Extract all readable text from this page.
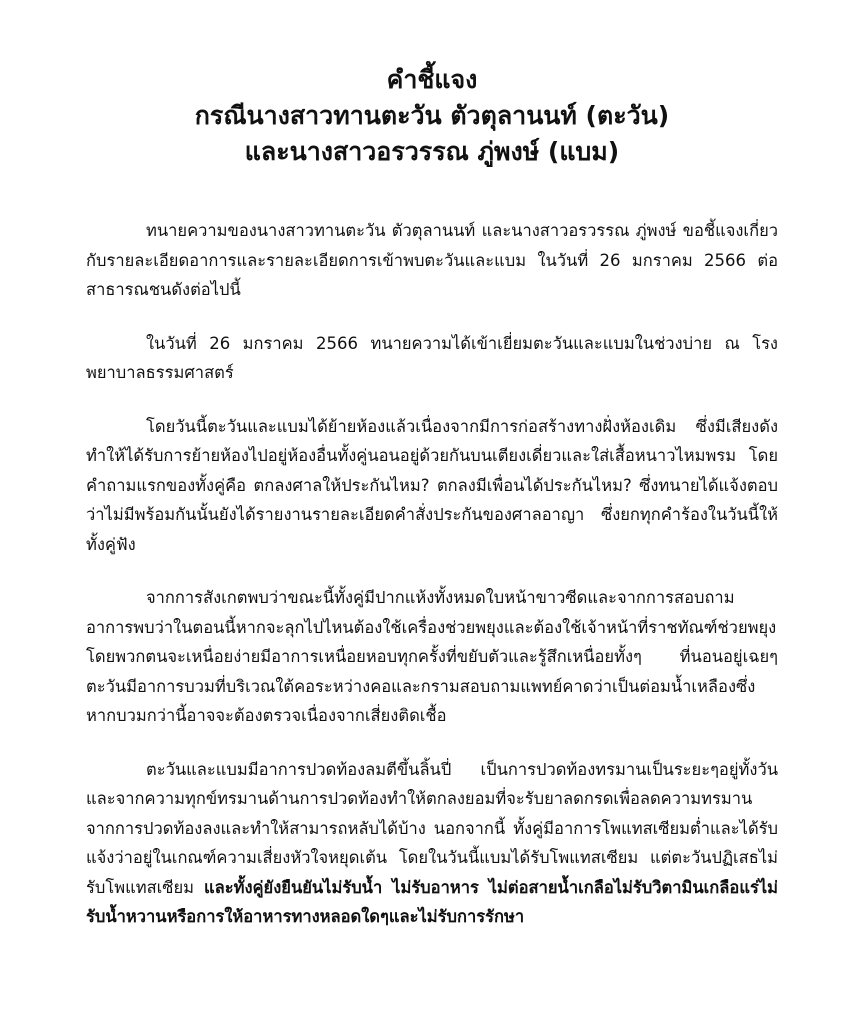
คำชี้แจง

กรณีนางสาวทานตะวัน ตัวตุลานนท์ (ตะวัน)

และนางสาวอรวรรณ ภู่พงษ์ (แบม)

ทนายความของนางสาวทานตะวัน ตัวตุลานนท์ และนางสาวอรวรรณ ภู่พงษ์ ขอชี้แจงเกี่ยวกับรายละเอียดอาการและรายละเอียดการเข้าพบตะวันและแบม ในวันที่ 26 มกราคม 2566 ต่อสาธารณชนดังต่อไปนี้

ในวันที่ 26 มกราคม 2566 ทนายความได้เข้าเยี่ยมตะวันและแบมในช่วงบ่าย ณ โรงพยาบาลธรรมศาสตร์

โดยวันนี้ตะวันและแบมได้ย้ายห้องแล้วเนื่องจากมีการก่อสร้างทางฝั่งห้องเดิม ซึ่งมีเสียงดังทำให้ได้รับการย้ายห้องไปอยู่ห้องอื่นทั้งคู่นอนอยู่ด้วยกันบนเตียงเดี่ยวและใส่เสื้อหนาวไหมพรม โดยคำถามแรกของทั้งคู่คือ ตกลงศาลให้ประกันไหม? ตกลงมีเพื่อนได้ประกันไหม? ซึ่งทนายได้แจ้งตอบว่าไม่มีพร้อมกันนั้นยังได้รายงานรายละเอียดคำสั่งประกันของศาลอาญา ซึ่งยกทุกคำร้องในวันนี้ให้ทั้งคู่ฟัง

จากการสังเกตพบว่าขณะนี้ทั้งคู่มีปากแห้งทั้งหมดใบหน้าขาวซีดและจากการสอบถามอาการพบว่าในตอนนี้หากจะลุกไปไหนต้องใช้เครื่องช่วยพยุงและต้องใช้เจ้าหน้าที่ราชทัณฑ์ช่วยพยุงโดยพวกตนจะเหนื่อยง่ายมีอาการเหนื่อยหอบทุกครั้งที่ขยับตัวและรู้สึกเหนื่อยทั้งๆ ที่นอนอยู่เฉยๆตะวันมีอาการบวมที่บริเวณใต้คอระหว่างคอและกรามสอบถามแพทย์คาดว่าเป็นต่อมน้ำเหลืองซึ่งหากบวมกว่านี้อาจจะต้องตรวจเนื่องจากเสี่ยงติดเชื้อ

ตะวันและแบมมีอาการปวดท้องลมตีขึ้นลิ้นปี่ เป็นการปวดท้องทรมานเป็นระยะๆอยู่ทั้งวัน และจากความทุกข์ทรมานด้านการปวดท้องทำให้ตกลงยอมที่จะรับยาลดกรดเพื่อลดความทรมานจากการปวดท้องลงและทำให้สามารถหลับได้บ้าง นอกจากนี้ ทั้งคู่มีอาการโพแทสเซียมต่ำและได้รับแจ้งว่าอยู่ในเกณฑ์ความเสี่ยงหัวใจหยุดเต้น โดยในวันนี้แบมได้รับโพแทสเซียม แต่ตะวันปฏิเสธไม่รับโพแทสเซียม และทั้งคู่ยังยืนยันไม่รับน้ำ ไม่รับอาหาร ไม่ต่อสายน้ำเกลือไม่รับวิตามินเกลือแร่ไม่รับน้ำหวานหรือการให้อาหารทางหลอดใดๆและไม่รับการรักษา
